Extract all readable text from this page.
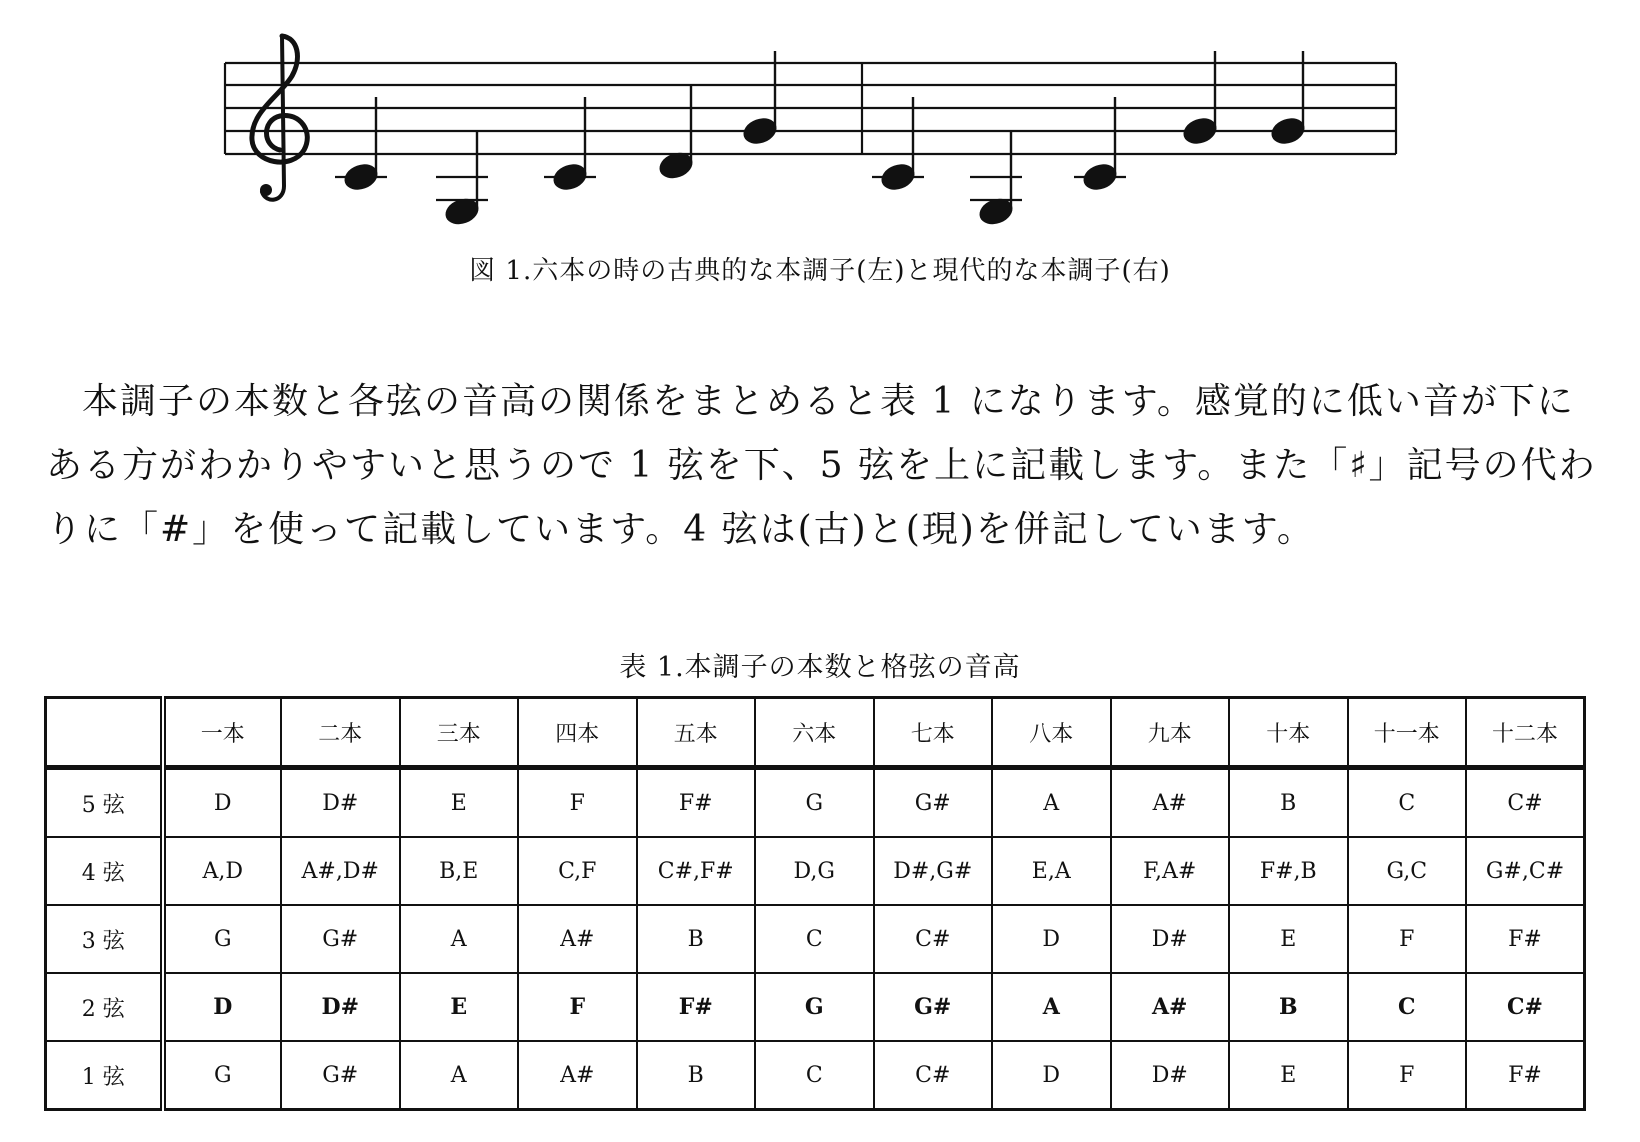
図 1.六本の時の古典的な本調子(左)と現代的な本調子(右)

本調子の本数と各弦の音高の関係をまとめると表 1 になります。感覚的に低い音が下にある方がわかりやすいと思うので 1 弦を下、5 弦を上に記載します。また「♯」記号の代わりに「#」を使って記載しています。4 弦は(古)と(現)を併記しています。

表 1.本調子の本数と格弦の音高
	一本	二本	三本	四本	五本	六本	七本	八本	九本	十本	十一本	十二本
5 弦	D	D#	E	F	F#	G	G#	A	A#	B	C	C#
4 弦	A,D	A#,D#	B,E	C,F	C#,F#	D,G	D#,G#	E,A	F,A#	F#,B	G,C	G#,C#
3 弦	G	G#	A	A#	B	C	C#	D	D#	E	F	F#
2 弦	D	D#	E	F	F#	G	G#	A	A#	B	C	C#
1 弦	G	G#	A	A#	B	C	C#	D	D#	E	F	F#
